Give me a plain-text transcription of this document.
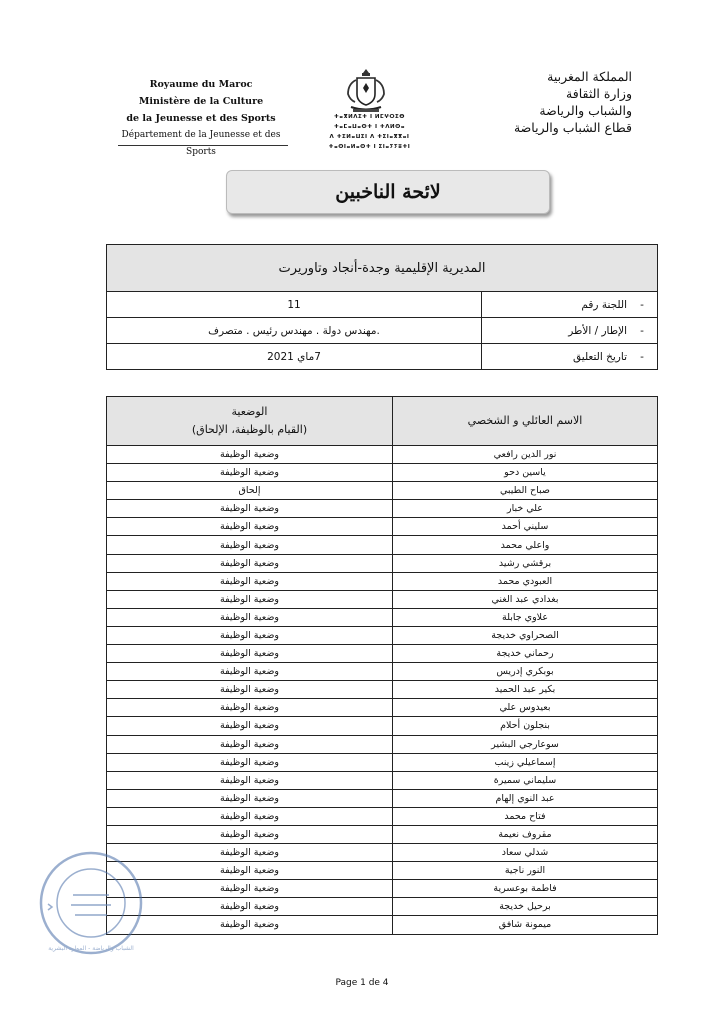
Royaume du Maroc
Ministère de la Culture
de la Jeunesse et des Sports
Département de la Jeunesse et des Sports
ⵜⴰⴳⵍⴷⵉⵜ ⵏ ⵍⵎⵖⵔⵉⴱ
ⵜⴰⵎⴰⵡⴰⵙⵜ ⵏ ⵜⴷⵍⵙⴰ
ⴷ ⵜⵉⵍⴰⵡⵉⵏ ⴷ ⵜⵉⵏⴰⴳⴳⴰⵏ
ⵜⴰⵙⵏⴰⵍⴰⵙⵜ ⵏ ⵉⵏⴰⵢⵢⵓⵜⵏ
المملكة المغربية
وزارة الثقافة
والشباب والرياضة
قطاع الشباب والرياضة
لائحة الناخبين
المديرية الإقليمية وجدة-أنجاد وتاوريرت	
-اللجنة رقم	11
-الإطار / الأطر	.مهندس دولة . مهندس رئيس . متصرف
-تاريخ التعليق	7ماي 2021
الاسم العائلي و الشخصي	الوضعية
(القيام بالوظيفة، الإلحاق)

نور الدين رافعي	وضعية الوظيفة
ياسين دحو	وضعية الوظيفة
صباح الطيبي	إلحاق
علي خبار	وضعية الوظيفة
سليني أحمد	وضعية الوظيفة
واعلي محمد	وضعية الوظيفة
برقشي رشيد	وضعية الوظيفة
العبودي محمد	وضعية الوظيفة
بغدادي عبد الغني	وضعية الوظيفة
علاوي جابلة	وضعية الوظيفة
الصحراوي خديجة	وضعية الوظيفة
رحماني خديجة	وضعية الوظيفة
بوبكري إدريس	وضعية الوظيفة
بكير عبد الحميد	وضعية الوظيفة
بعيدوس علي	وضعية الوظيفة
بنجلون أحلام	وضعية الوظيفة
سوعارجي البشير	وضعية الوظيفة
إسماعيلي زينب	وضعية الوظيفة
سليماني سميرة	وضعية الوظيفة
عبد النوي إلهام	وضعية الوظيفة
فتاح محمد	وضعية الوظيفة
مقروف نعيمة	وضعية الوظيفة
شدلي سعاد	وضعية الوظيفة
النور ناجية	وضعية الوظيفة
فاطمة بوعسرية	وضعية الوظيفة
برحيل خديجة	وضعية الوظيفة
ميمونة شافق	وضعية الوظيفة
الشباب والرياضة - الموارد البشرية
Page 1 de 4
